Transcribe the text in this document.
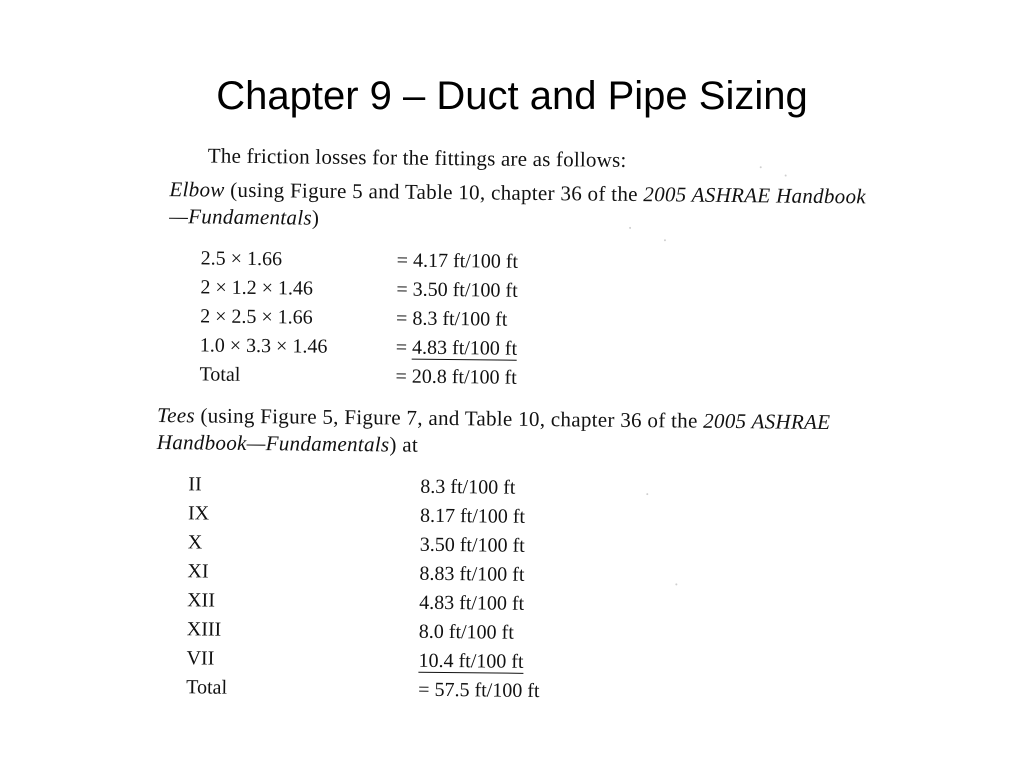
Chapter 9 – Duct and Pipe Sizing
The friction losses for the fittings are as follows:
Elbow (using Figure 5 and Table 10, chapter 36 of the 2005 ASHRAE Handbook—Fundamentals)
2.5 × 1.66	= 4.17 ft/100 ft
2 × 1.2 × 1.46	= 3.50 ft/100 ft
2 × 2.5 × 1.66	= 8.3 ft/100 ft
1.0 × 3.3 × 1.46	= 4.83 ft/100 ft
Total	= 20.8 ft/100 ft
Tees (using Figure 5, Figure 7, and Table 10, chapter 36 of the 2005 ASHRAE Handbook—Fundamentals) at
II	8.3 ft/100 ft
IX	8.17 ft/100 ft
X	3.50 ft/100 ft
XI	8.83 ft/100 ft
XII	4.83 ft/100 ft
XIII	8.0 ft/100 ft
VII	10.4 ft/100 ft
Total	= 57.5 ft/100 ft
